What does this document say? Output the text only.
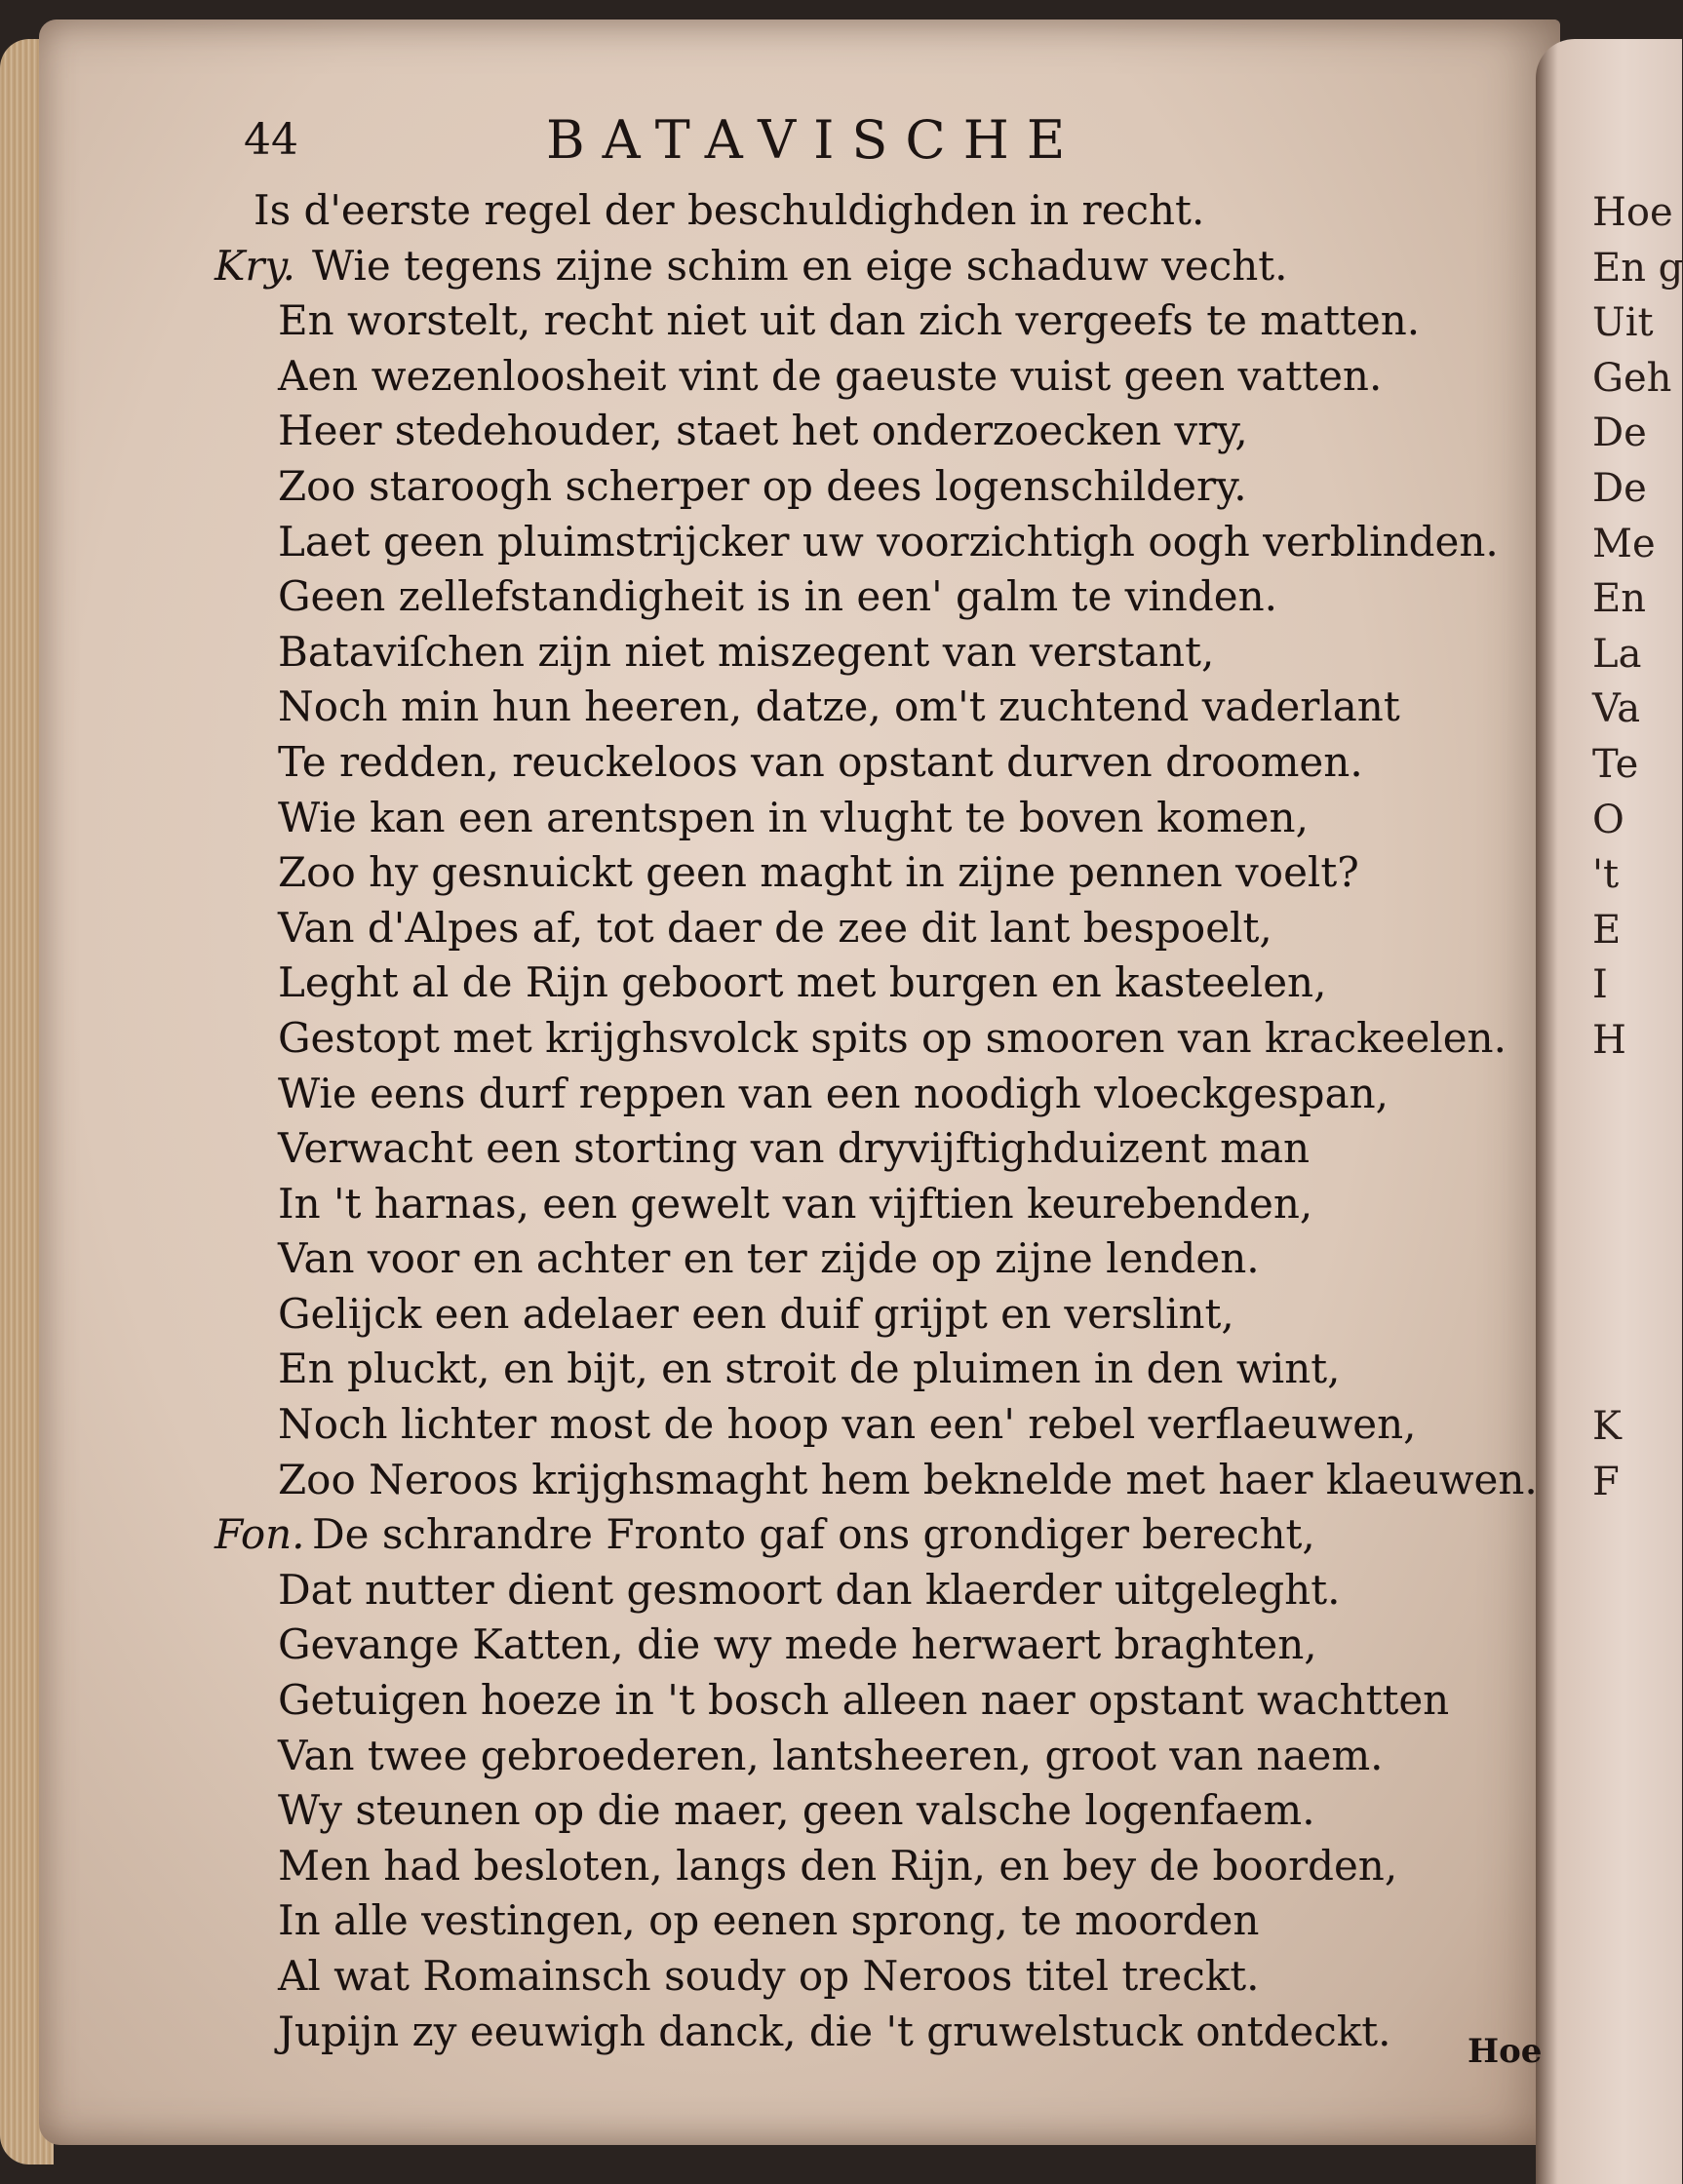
44	BATAVISCHE
Is d'eerste regel der beschuldighden in recht.
Kry. Wie tegens zijne schim en eige schaduw vecht.
En worstelt, recht niet uit dan zich vergeefs te matten.
Aen wezenloosheit vint de gaeuste vuist geen vatten.
Heer stedehouder, staet het onderzoecken vry,
Zoo staroogh scherper op dees logenschildery.
Laet geen pluimstrijcker uw voorzichtigh oogh verblinden.
Geen zellefstandigheit is in een' galm te vinden.
Bataviſchen zijn niet miszegent van verstant,
Noch min hun heeren, datze, om't zuchtend vaderlant
Te redden, reuckeloos van opstant durven droomen.
Wie kan een arentspen in vlught te boven komen,
Zoo hy gesnuickt geen maght in zijne pennen voelt?
Van d'Alpes af, tot daer de zee dit lant bespoelt,
Leght al de Rijn geboort met burgen en kasteelen,
Gestopt met krijghsvolck spits op smooren van krackeelen.
Wie eens durf reppen van een noodigh vloeckgespan,
Verwacht een storting van dryvijftighduizent man
In 't harnas, een gewelt van vijftien keurebenden,
Van voor en achter en ter zijde op zijne lenden.
Gelijck een adelaer een duif grijpt en verslint,
En pluckt, en bijt, en stroit de pluimen in den wint,
Noch lichter most de hoop van een' rebel verflaeuwen,
Zoo Neroos krijghsmaght hem beknelde met haer klaeuwen.
Fon. De schrandre Fronto gaf ons grondiger berecht,
Dat nutter dient gesmoort dan klaerder uitgeleght.
Gevange Katten, die wy mede herwaert braghten,
Getuigen hoeze in 't bosch alleen naer opstant wachtten
Van twee gebroederen, lantsheeren, groot van naem.
Wy steunen op die maer, geen valsche logenfaem.
Men had besloten, langs den Rijn, en bey de boorden,
In alle vestingen, op eenen sprong, te moorden
Al wat Romainsch soudy op Neroos titel treckt.
Jupijn zy eeuwigh danck, die 't gruwelstuck ontdeckt. Hoe
Hoe
En g
Uit
Geh
De
De
Me
En
La
Va
Te
O
't
E
I
H
K
F
